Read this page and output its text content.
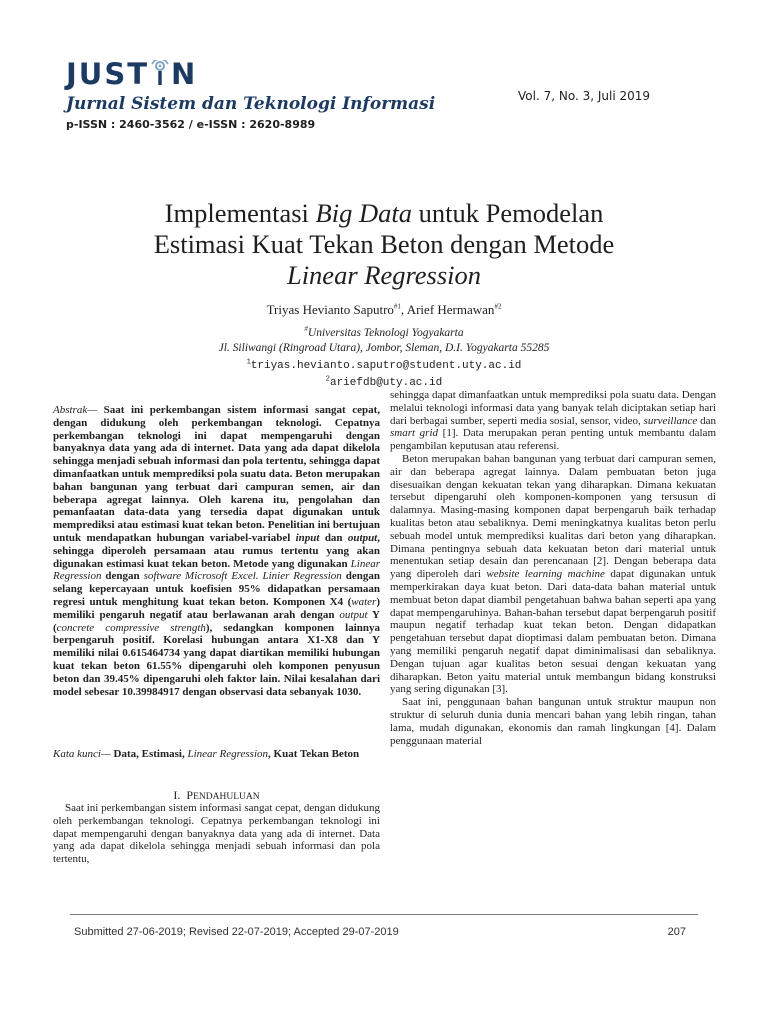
JUST N
Jurnal Sistem dan Teknologi Informasi
p-ISSN : 2460-3562 / e-ISSN : 2620-8989
Vol. 7, No. 3, Juli 2019
Implementasi Big Data untuk Pemodelan
Estimasi Kuat Tekan Beton dengan Metode
Linear Regression
Triyas Hevianto Saputro$^{\#1}$, Arief Hermawan$^{\#2}$
#Universitas Teknologi Yogyakarta
Jl. Siliwangi (Ringroad Utara), Jombor, Sleman, D.I. Yogyakarta 55285
$^1$triyas.hevianto.saputro@student.uty.ac.id
$^2$ariefdb@uty.ac.id
Abstrak— Saat ini perkembangan sistem informasi sangat cepat, dengan didukung oleh perkembangan teknologi. Cepatnya perkembangan teknologi ini dapat mempengaruhi dengan banyaknya data yang ada di internet. Data yang ada dapat dikelola sehingga menjadi sebuah informasi dan pola tertentu, sehingga dapat dimanfaatkan untuk memprediksi pola suatu data. Beton merupakan bahan bangunan yang terbuat dari campuran semen, air dan beberapa agregat lainnya. Oleh karena itu, pengolahan dan pemanfaatan data-data yang tersedia dapat digunakan untuk memprediksi atau estimasi kuat tekan beton. Penelitian ini bertujuan untuk mendapatkan hubungan variabel-variabel input dan output, sehingga diperoleh persamaan atau rumus tertentu yang akan digunakan estimasi kuat tekan beton. Metode yang digunakan Linear Regression dengan software Microsoft Excel. Linier Regression dengan selang kepercayaan untuk koefisien 95% didapatkan persamaan regresi untuk menghitung kuat tekan beton. Komponen X4 (water) memiliki pengaruh negatif atau berlawanan arah dengan output Y (concrete compressive strength), sedangkan komponen lainnya berpengaruh positif. Korelasi hubungan antara X1-X8 dan Y memiliki nilai 0.615464734 yang dapat diartikan memiliki hubungan kuat tekan beton 61.55% dipengaruhi oleh komponen penyusun beton dan 39.45% dipengaruhi oleh faktor lain. Nilai kesalahan dari model sebesar 10.39984917 dengan observasi data sebanyak 1030.
Kata kunci— Data, Estimasi, Linear Regression, Kuat Tekan Beton
I. PENDAHULUAN
Saat ini perkembangan sistem informasi sangat cepat, dengan didukung oleh perkembangan teknologi. Cepatnya perkembangan teknologi ini dapat mempengaruhi dengan banyaknya data yang ada di internet. Data yang ada dapat dikelola sehingga menjadi sebuah informasi dan pola tertentu,

sehingga dapat dimanfaatkan untuk memprediksi pola suatu data. Dengan melalui teknologi informasi data yang banyak telah diciptakan setiap hari dari berbagai sumber, seperti media sosial, sensor, video, surveillance dan smart grid [1]. Data merupakan peran penting untuk membantu dalam pengambilan keputusan atau referensi.

Beton merupakan bahan bangunan yang terbuat dari campuran semen, air dan beberapa agregat lainnya. Dalam pembuatan beton juga disesuaikan dengan kekuatan tekan yang diharapkan. Dimana kekuatan tersebut dipengaruhi oleh komponen-komponen yang tersusun di dalamnya. Masing-masing komponen dapat berpengaruh baik terhadap kualitas beton atau sebaliknya. Demi meningkatnya kualitas beton perlu sebuah model untuk memprediksi kualitas dari beton yang diharapkan. Dimana pentingnya sebuah data kekuatan beton dari material untuk menentukan setiap desain dan perencanaan [2]. Dengan beberapa data yang diperoleh dari website learning machine dapat digunakan untuk memperkirakan daya kuat beton. Dari data-data bahan material untuk membuat beton dapat diambil pengetahuan bahwa bahan seperti apa yang dapat mempengaruhinya. Bahan-bahan tersebut dapat berpengaruh positif maupun negatif terhadap kuat tekan beton. Dengan didapatkan pengetahuan tersebut dapat dioptimasi dalam pembuatan beton. Dimana yang memiliki pengaruh negatif dapat diminimalisasi dan sebaliknya. Dengan tujuan agar kualitas beton sesuai dengan kekuatan yang diharapkan. Beton yaitu material untuk membangun bidang konstruksi yang sering digunakan [3].

Saat ini, penggunaan bahan bangunan untuk struktur maupun non struktur di seluruh dunia dunia mencari bahan yang lebih ringan, tahan lama, mudah digunakan, ekonomis dan ramah lingkungan [4]. Dalam penggunaan material

Submitted 27-06-2019; Revised 22-07-2019; Accepted 29-07-2019	207
